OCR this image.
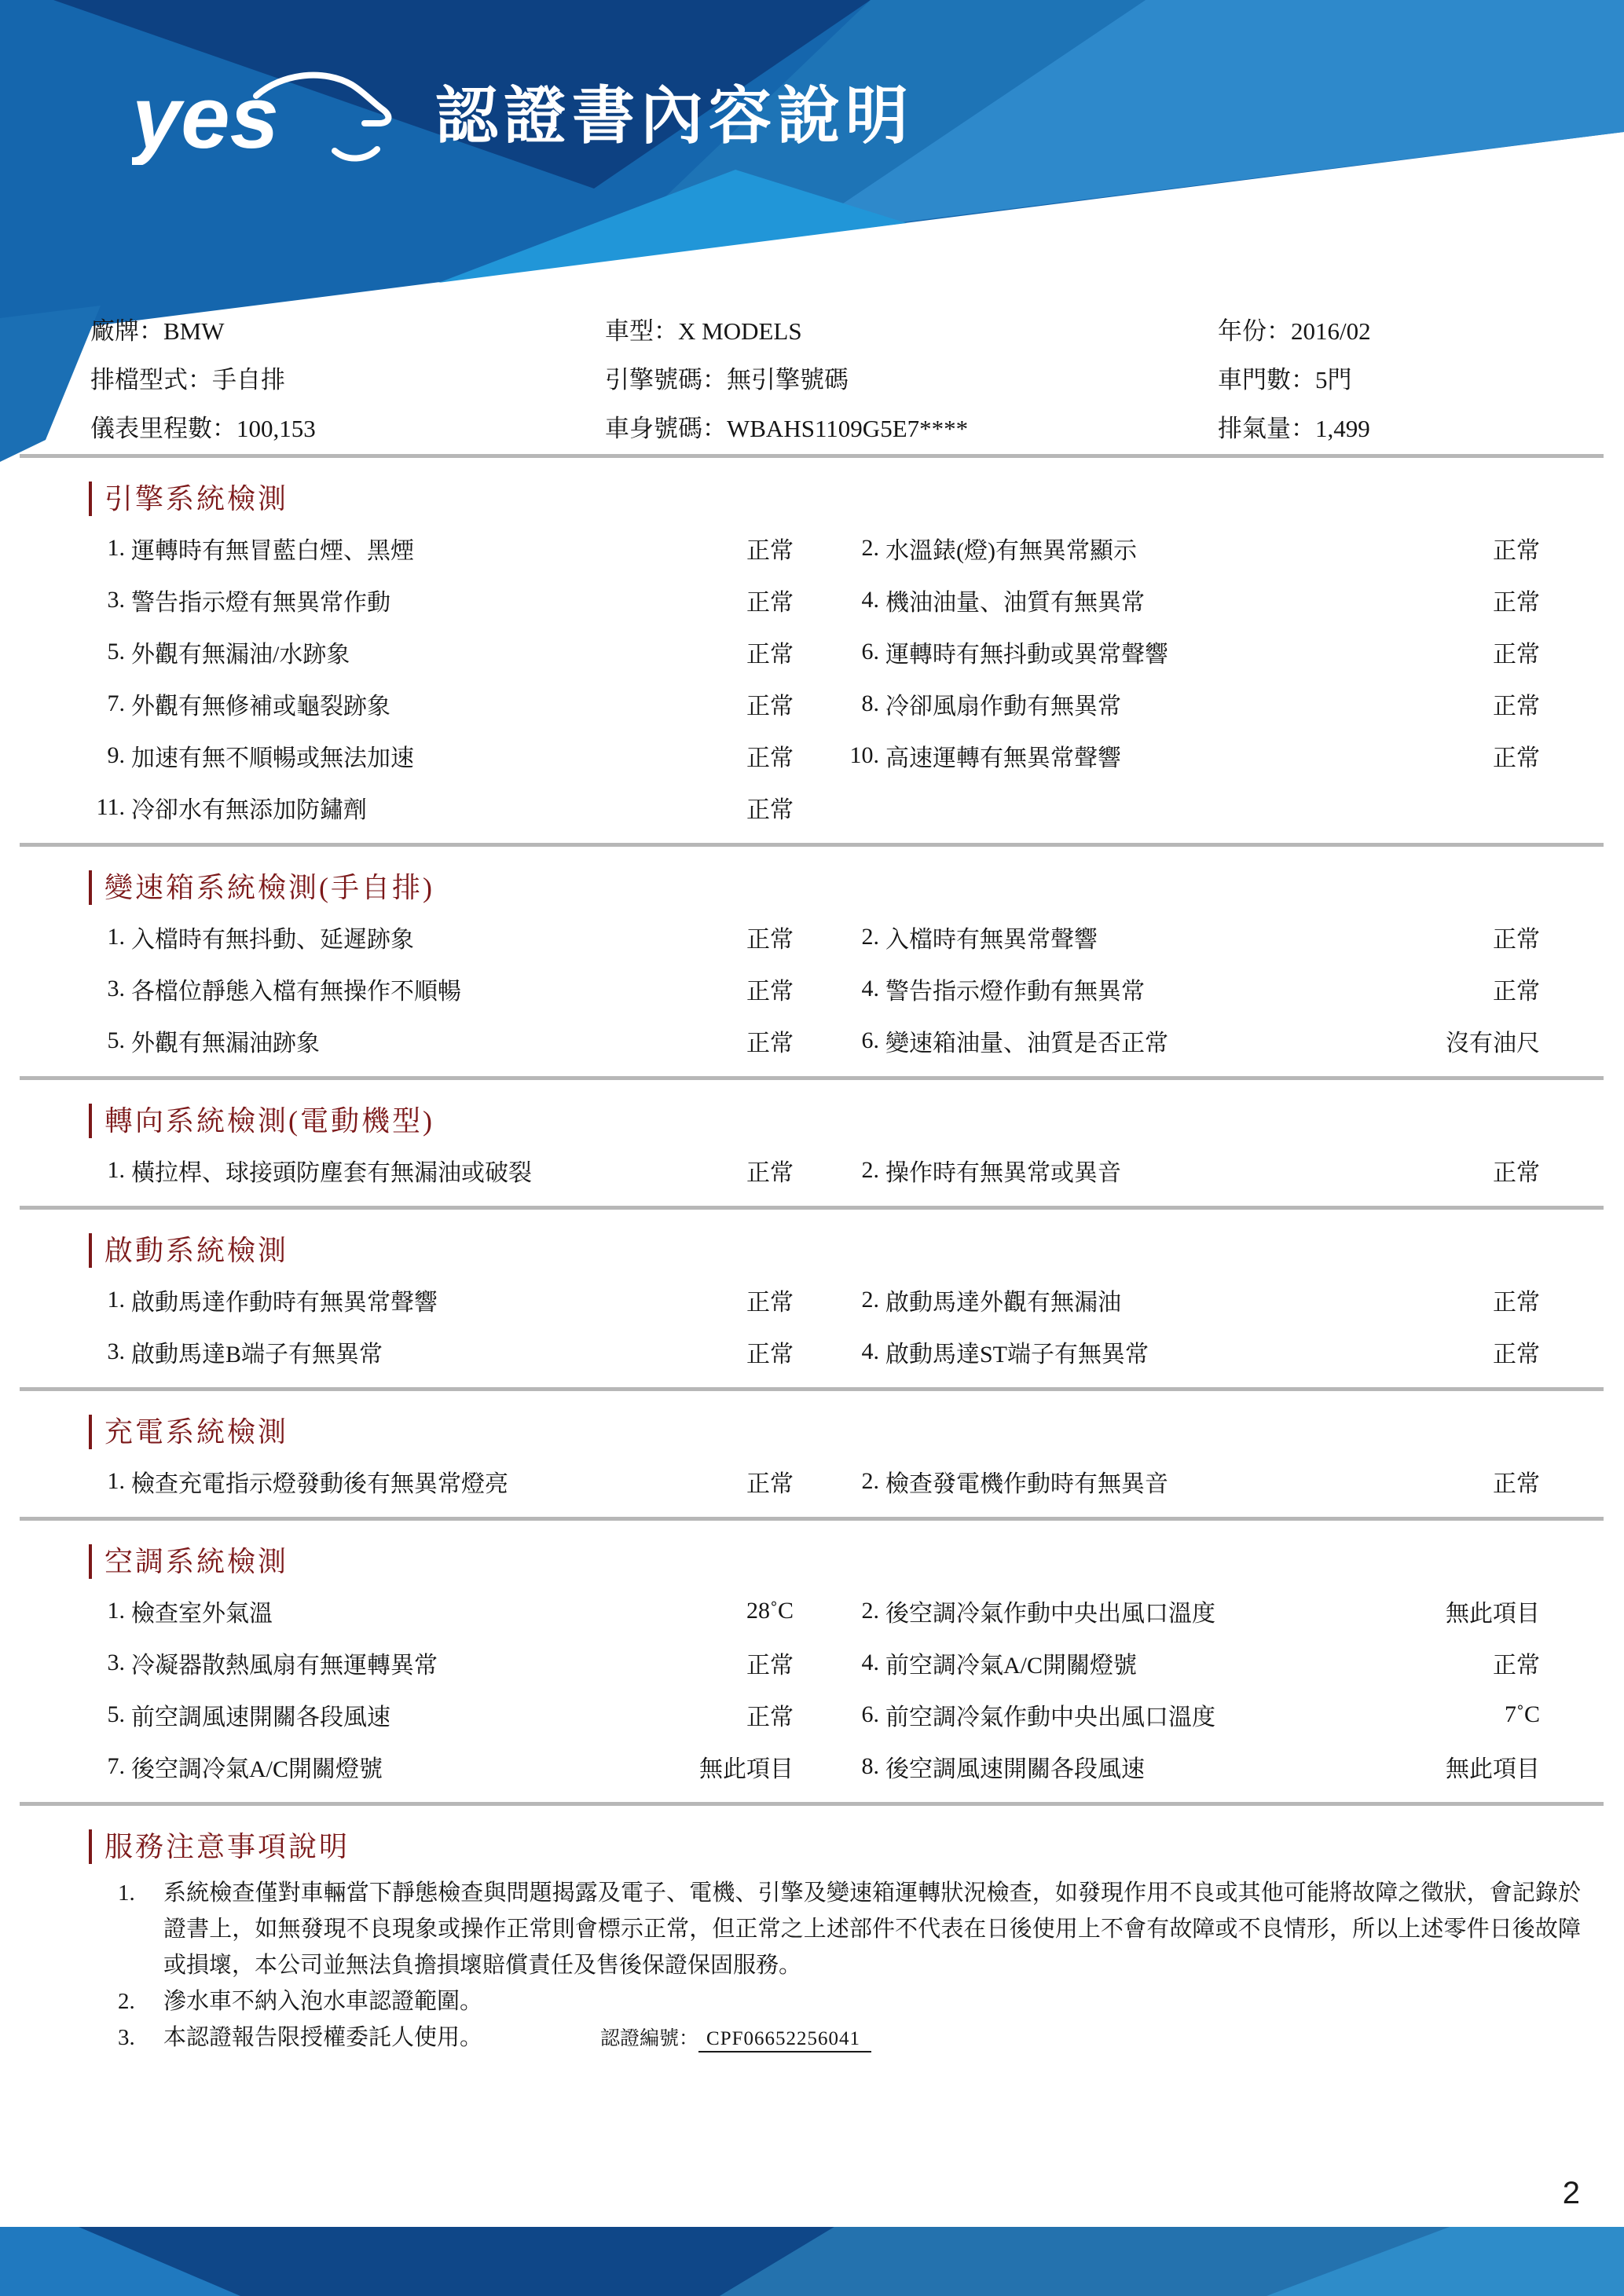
yes 認證書內容說明
廠牌：BMW	車型：X MODELS	年份：2016/02
排檔型式：手自排	引擎號碼：無引擎號碼	車門數：5門
儀表里程數：100,153	車身號碼：WBAHS1109G5E7****	排氣量：1,499
引擎系統檢測
1. 運轉時有無冒藍白煙、黑煙	正常	2. 水溫錶(燈)有無異常顯示	正常
3. 警告指示燈有無異常作動	正常	4. 機油油量、油質有無異常	正常
5. 外觀有無漏油/水跡象	正常	6. 運轉時有無抖動或異常聲響	正常
7. 外觀有無修補或龜裂跡象	正常	8. 冷卻風扇作動有無異常	正常
9. 加速有無不順暢或無法加速	正常 10. 高速運轉有無異常聲響	正常
11. 冷卻水有無添加防鏽劑	正常
變速箱系統檢測(手自排)
1. 入檔時有無抖動、延遲跡象	正常	2. 入檔時有無異常聲響	正常
3. 各檔位靜態入檔有無操作不順暢	正常	4. 警告指示燈作動有無異常	正常
5. 外觀有無漏油跡象	正常	6. 變速箱油量、油質是否正常	沒有油尺
轉向系統檢測(電動機型)
1. 橫拉桿、球接頭防塵套有無漏油或破裂	正常	2. 操作時有無異常或異音	正常
啟動系統檢測
1. 啟動馬達作動時有無異常聲響	正常	2. 啟動馬達外觀有無漏油	正常
3. 啟動馬達B端子有無異常	正常	4. 啟動馬達ST端子有無異常	正常
充電系統檢測
1. 檢查充電指示燈發動後有無異常燈亮	正常	2. 檢查發電機作動時有無異音	正常
空調系統檢測
1. 檢查室外氣溫	28˚C	2. 後空調冷氣作動中央出風口溫度	無此項目
3. 冷凝器散熱風扇有無運轉異常	正常	4. 前空調冷氣A/C開關燈號	正常
5. 前空調風速開關各段風速	正常	6. 前空調冷氣作動中央出風口溫度	7˚C
7. 後空調冷氣A/C開關燈號	無此項目	8. 後空調風速開關各段風速	無此項目
服務注意事項說明
1.	系統檢查僅對車輛當下靜態檢查與問題揭露及電子、電機、引擎及變速箱運轉狀況檢查，如發現作用不良或其他可能將故障之徵狀，會記錄於證書上，如無發現不良現象或操作正常則會標示正常，但正常之上述部件不代表在日後使用上不會有故障或不良情形，所以上述零件日後故障或損壞，本公司並無法負擔損壞賠償責任及售後保證保固服務。
2.	滲水車不納入泡水車認證範圍。
3.	本認證報告限授權委託人使用。	認證編號： CPF06652256041
2
